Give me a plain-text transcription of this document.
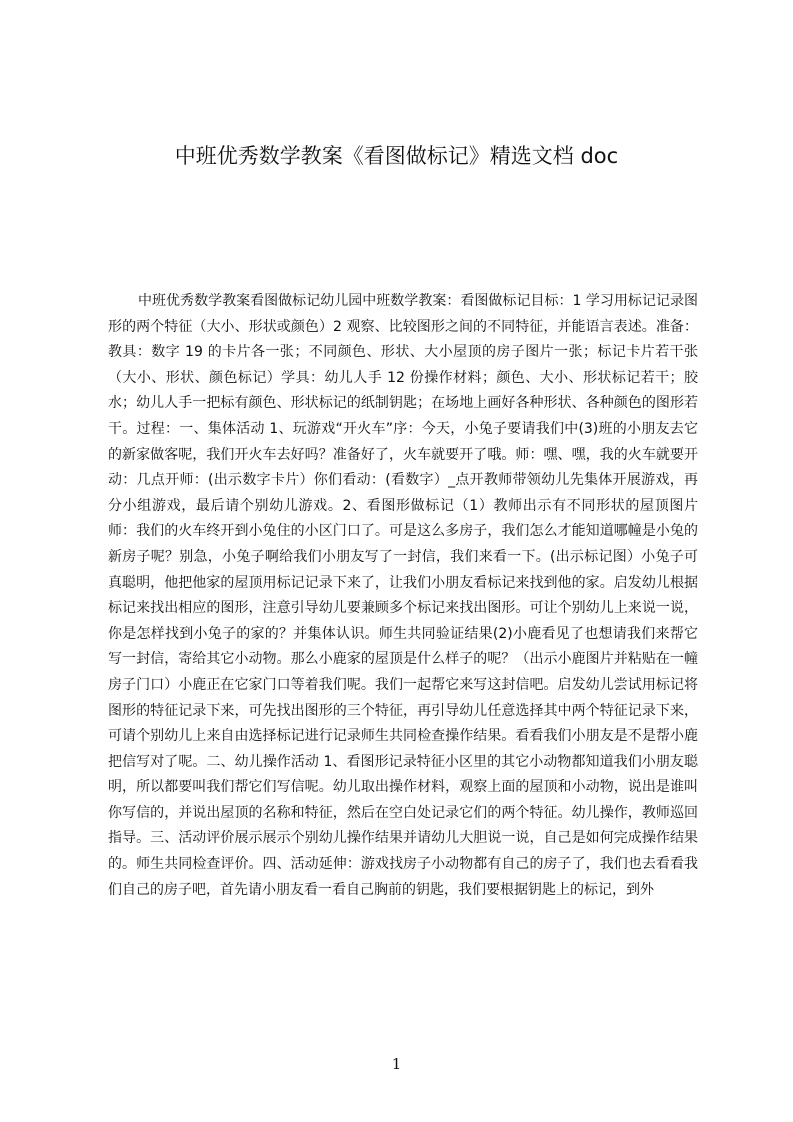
中班优秀数学教案《看图做标记》精选文档 doc

中班优秀数学教案看图做标记幼儿园中班数学教案：看图做标记目标：1 学习用标记记录图形的两个特征（大小、形状或颜色）2 观察、比较图形之间的不同特征，并能语言表述。准备：教具：数字 19 的卡片各一张；不同颜色、形状、大小屋顶的房子图片一张；标记卡片若干张（大小、形状、颜色标记）学具：幼儿人手 12 份操作材料；颜色、大小、形状标记若干；胶水；幼儿人手一把标有颜色、形状标记的纸制钥匙；在场地上画好各种形状、各种颜色的图形若干。过程：一、集体活动 1、玩游戏“开火车”序：今天，小兔子要请我们中(3)班的小朋友去它的新家做客呢，我们开火车去好吗？准备好了，火车就要开了哦。师：嘿、嘿，我的火车就要开动：几点开师：(出示数字卡片）你们看动：(看数字）_点开教师带领幼儿先集体开展游戏，再分小组游戏，最后请个别幼儿游戏。2、看图形做标记（1）教师出示有不同形状的屋顶图片师：我们的火车终开到小兔住的小区门口了。可是这么多房子，我们怎么才能知道哪幢是小兔的新房子呢？别急，小兔子啊给我们小朋友写了一封信，我们来看一下。(出示标记图）小兔子可真聪明，他把他家的屋顶用标记记录下来了，让我们小朋友看标记来找到他的家。启发幼儿根据标记来找出相应的图形，注意引导幼儿要兼顾多个标记来找出图形。可让个别幼儿上来说一说，你是怎样找到小兔子的家的？并集体认识。师生共同验证结果(2)小鹿看见了也想请我们来帮它写一封信，寄给其它小动物。那么小鹿家的屋顶是什么样子的呢？（出示小鹿图片并粘贴在一幢房子门口）小鹿正在它家门口等着我们呢。我们一起帮它来写这封信吧。启发幼儿尝试用标记将图形的特征记录下来，可先找出图形的三个特征，再引导幼儿任意选择其中两个特征记录下来，可请个别幼儿上来自由选择标记进行记录师生共同检查操作结果。看看我们小朋友是不是帮小鹿把信写对了呢。二、幼儿操作活动 1、看图形记录特征小区里的其它小动物都知道我们小朋友聪明，所以都要叫我们帮它们写信呢。幼儿取出操作材料，观察上面的屋顶和小动物，说出是谁叫你写信的，并说出屋顶的名称和特征，然后在空白处记录它们的两个特征。幼儿操作，教师巡回指导。三、活动评价展示展示个别幼儿操作结果并请幼儿大胆说一说，自己是如何完成操作结果的。师生共同检查评价。四、活动延伸：游戏找房子小动物都有自己的房子了，我们也去看看我们自己的房子吧，首先请小朋友看一看自己胸前的钥匙，我们要根据钥匙上的标记，到外

1
